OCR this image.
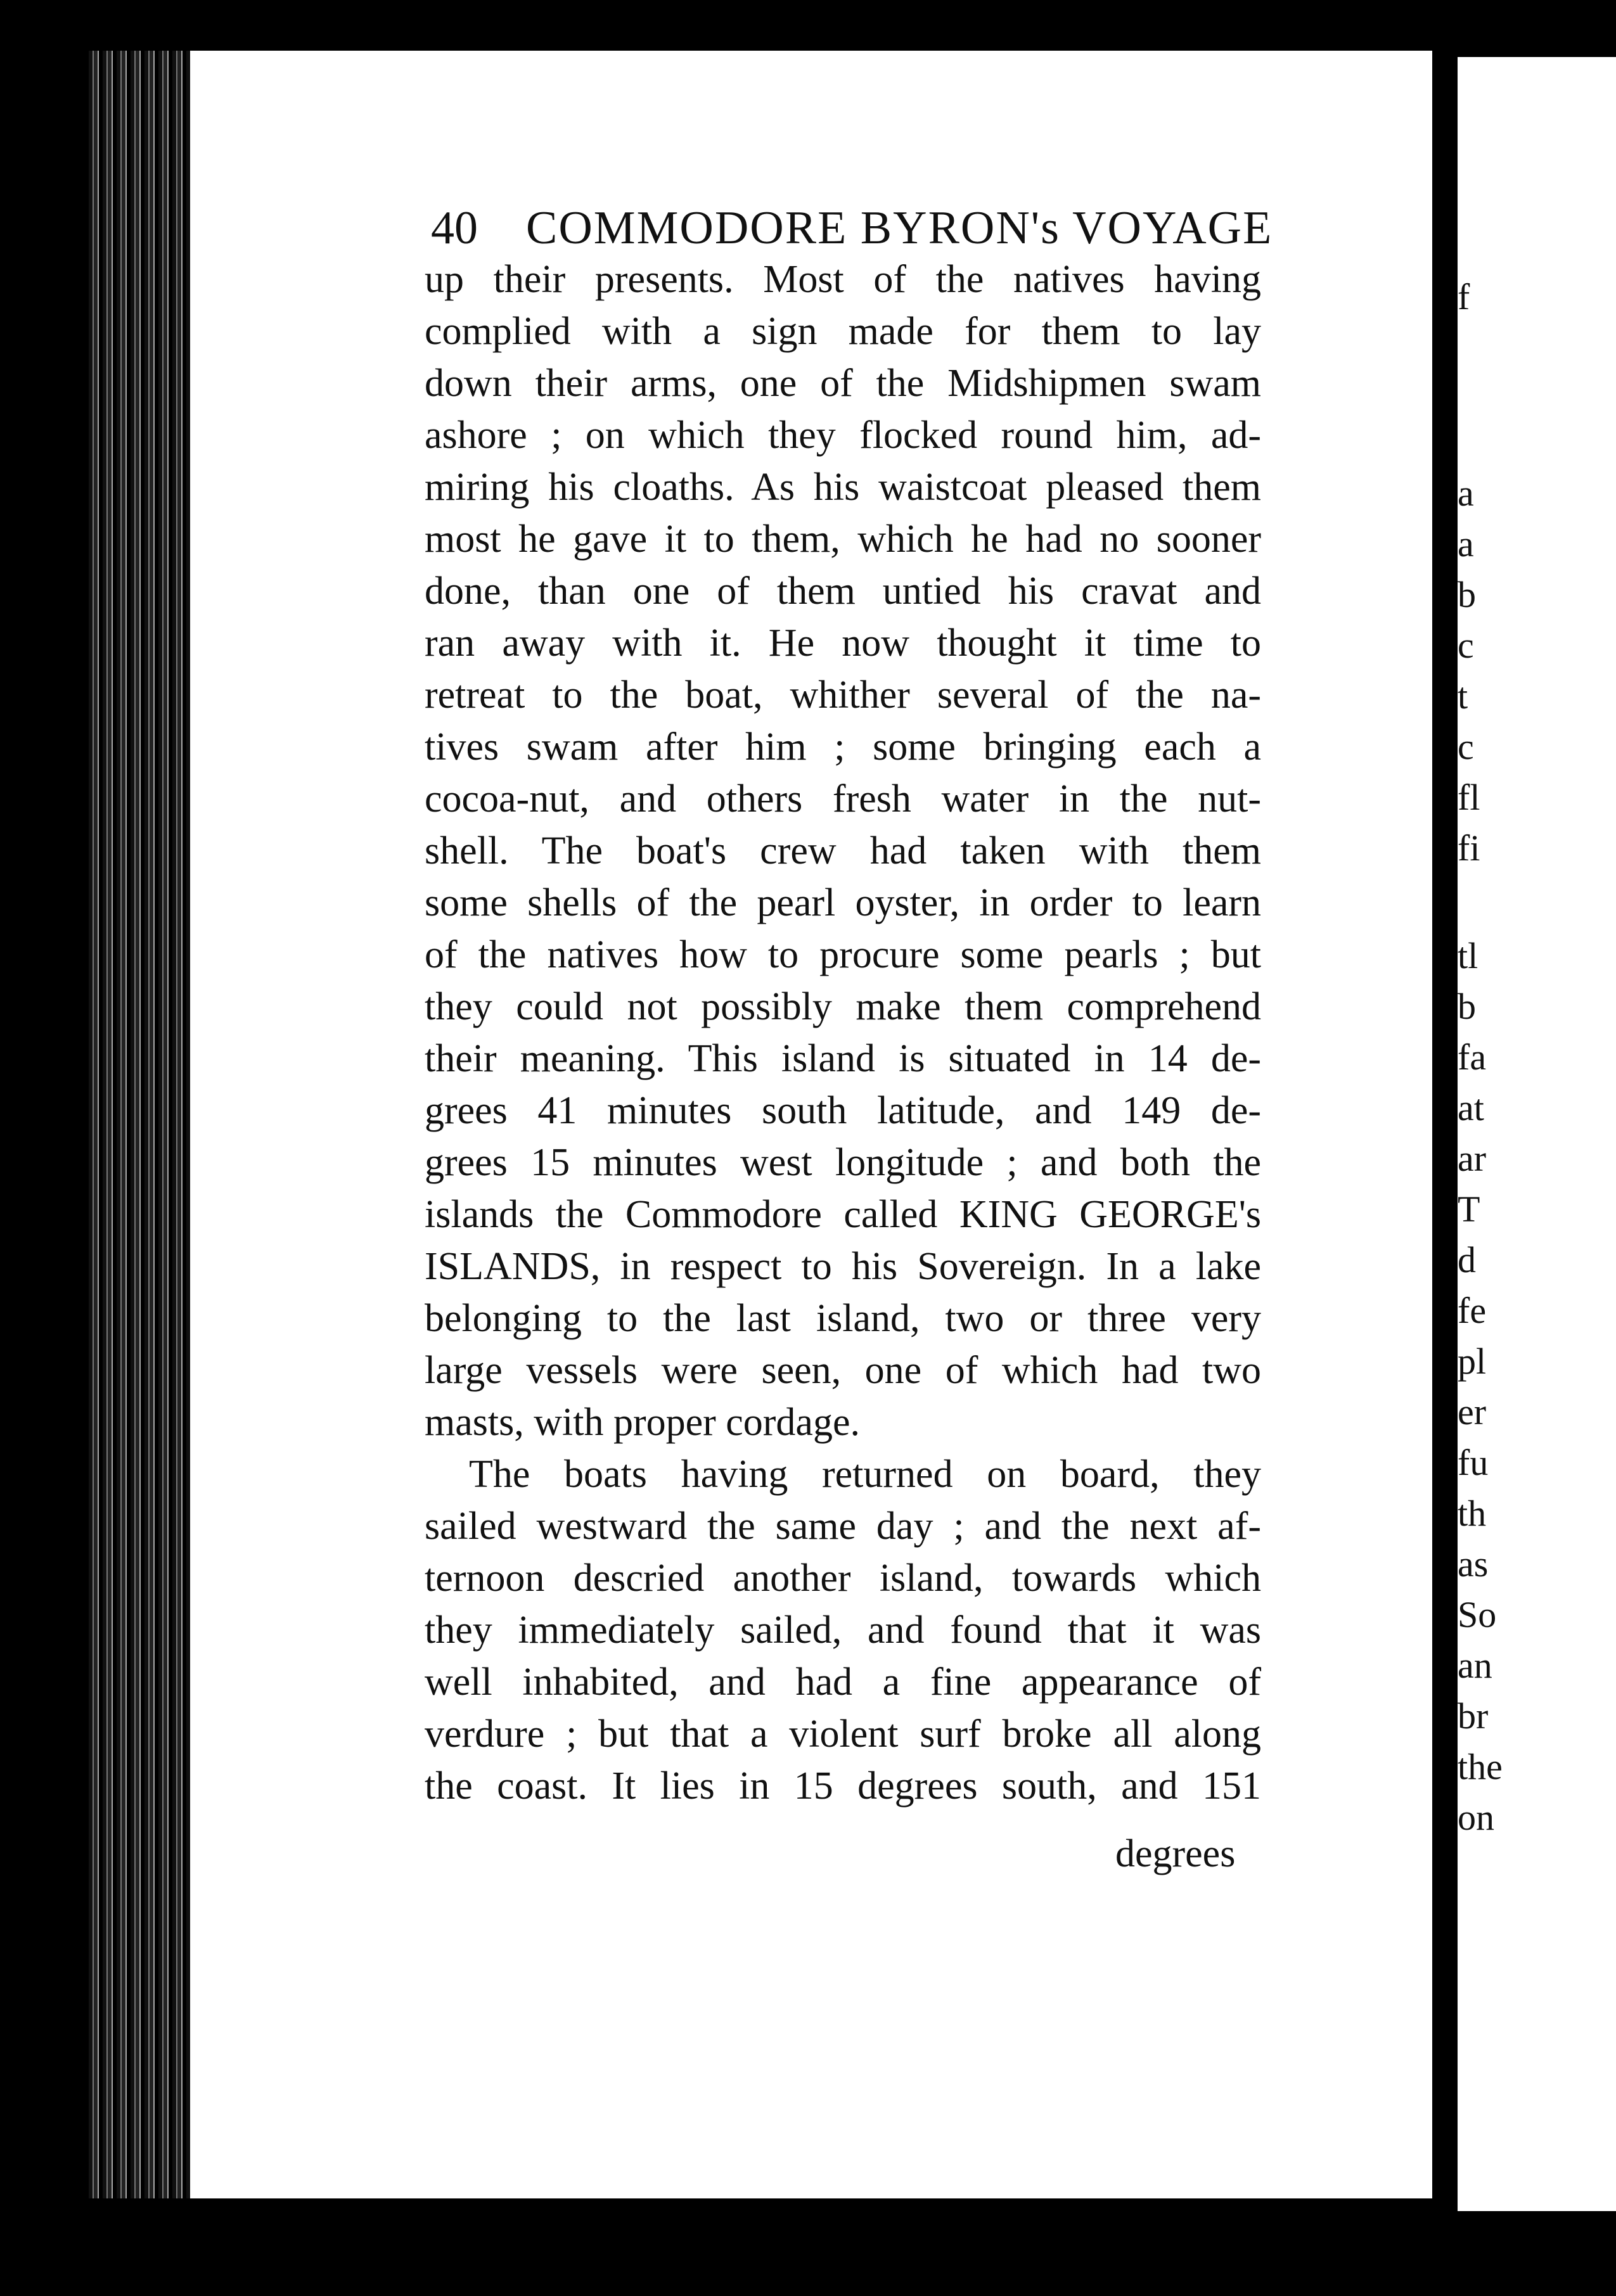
40 COMMODORE BYRON's VOYAGE
up their presents. Most of the natives having
complied with a sign made for them to lay
down their arms, one of the Midshipmen swam
ashore ; on which they flocked round him, ad-
miring his cloaths. As his waistcoat pleased them
most he gave it to them, which he had no sooner
done, than one of them untied his cravat and
ran away with it. He now thought it time to
retreat to the boat, whither several of the na-
tives swam after him ; some bringing each a
cocoa-nut, and others fresh water in the nut-
shell. The boat's crew had taken with them
some shells of the pearl oyster, in order to learn
of the natives how to procure some pearls ; but
they could not possibly make them comprehend
their meaning. This island is situated in 14 de-
grees 41 minutes south latitude, and 149 de-
grees 15 minutes west longitude ; and both the
islands the Commodore called KING GEORGE's
ISLANDS, in respect to his Sovereign. In a lake
belonging to the last island, two or three very
large vessels were seen, one of which had two
masts, with proper cordage.
The boats having returned on board, they
sailed westward the same day ; and the next af-
ternoon descried another island, towards which
they immediately sailed, and found that it was
well inhabited, and had a fine appearance of
verdure ; but that a violent surf broke all along
the coast. It lies in 15 degrees south, and 151
degrees
f
a
a
b
c
t
c
fl
fi
tl
b
fa
at
ar
T
d
fe
pl
er
fu
th
as
So
an
br
the
on
